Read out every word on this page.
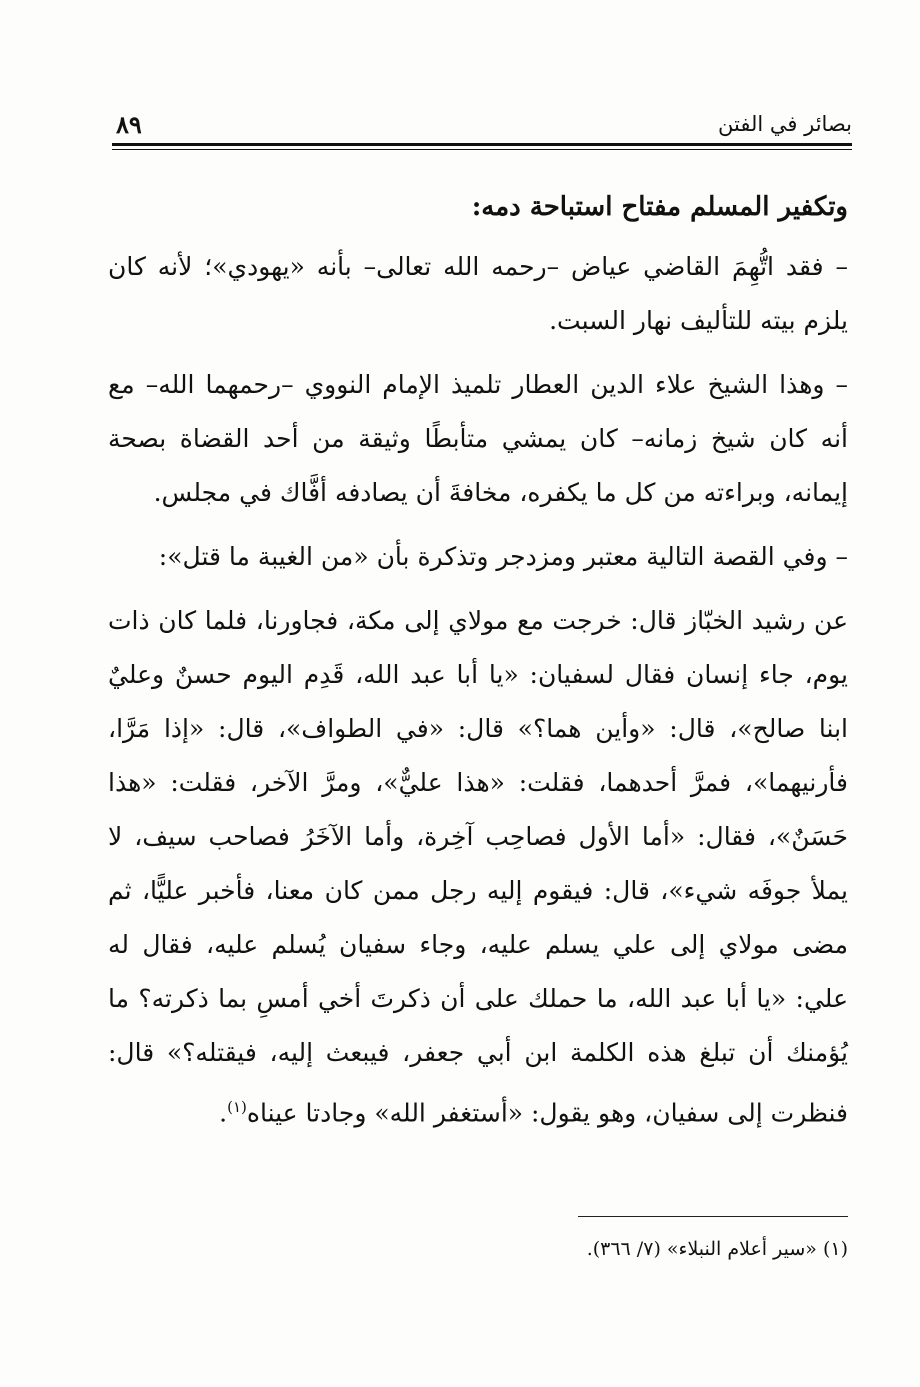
بصائر في الفتن
٨٩

وتكفير المسلم مفتاح استباحة دمه:

– فقد اتُّهِمَ القاضي عياض –رحمه الله تعالى– بأنه «يهودي»؛ لأنه كان يلزم بيته للتأليف نهار السبت.

– وهذا الشيخ علاء الدين العطار تلميذ الإمام النووي –رحمهما الله– مع أنه كان شيخ زمانه– كان يمشي متأبطًا وثيقة من أحد القضاة بصحة إيمانه، وبراءته من كل ما يكفره، مخافةَ أن يصادفه أفَّاك في مجلس.

– وفي القصة التالية معتبر ومزدجر وتذكرة بأن «من الغيبة ما قتل»:

عن رشيد الخبّاز قال: خرجت مع مولاي إلى مكة، فجاورنا، فلما كان ذات يوم، جاء إنسان فقال لسفيان: «يا أبا عبد الله، قَدِم اليوم حسنٌ وعليٌ ابنا صالح»، قال: «وأين هما؟» قال: «في الطواف»، قال: «إذا مَرَّا، فأرنيهما»، فمرَّ أحدهما، فقلت: «هذا عليٌّ»، ومرَّ الآخر، فقلت: «هذا حَسَنٌ»، فقال: «أما الأول فصاحِب آخِرة، وأما الآخَرُ فصاحب سيف، لا يملأ جوفَه شيء»، قال: فيقوم إليه رجل ممن كان معنا، فأخبر عليًّا، ثم مضى مولاي إلى علي يسلم عليه، وجاء سفيان يُسلم عليه، فقال له علي: «يا أبا عبد الله، ما حملك على أن ذكرتَ أخي أمسِ بما ذكرته؟ ما يُؤمنك أن تبلغ هذه الكلمة ابن أبي جعفر، فيبعث إليه، فيقتله؟» قال: فنظرت إلى سفيان، وهو يقول: «أستغفر الله» وجادتا عيناه$^{(١)}$.

(١) «سير أعلام النبلاء» (٧/ ٣٦٦).
